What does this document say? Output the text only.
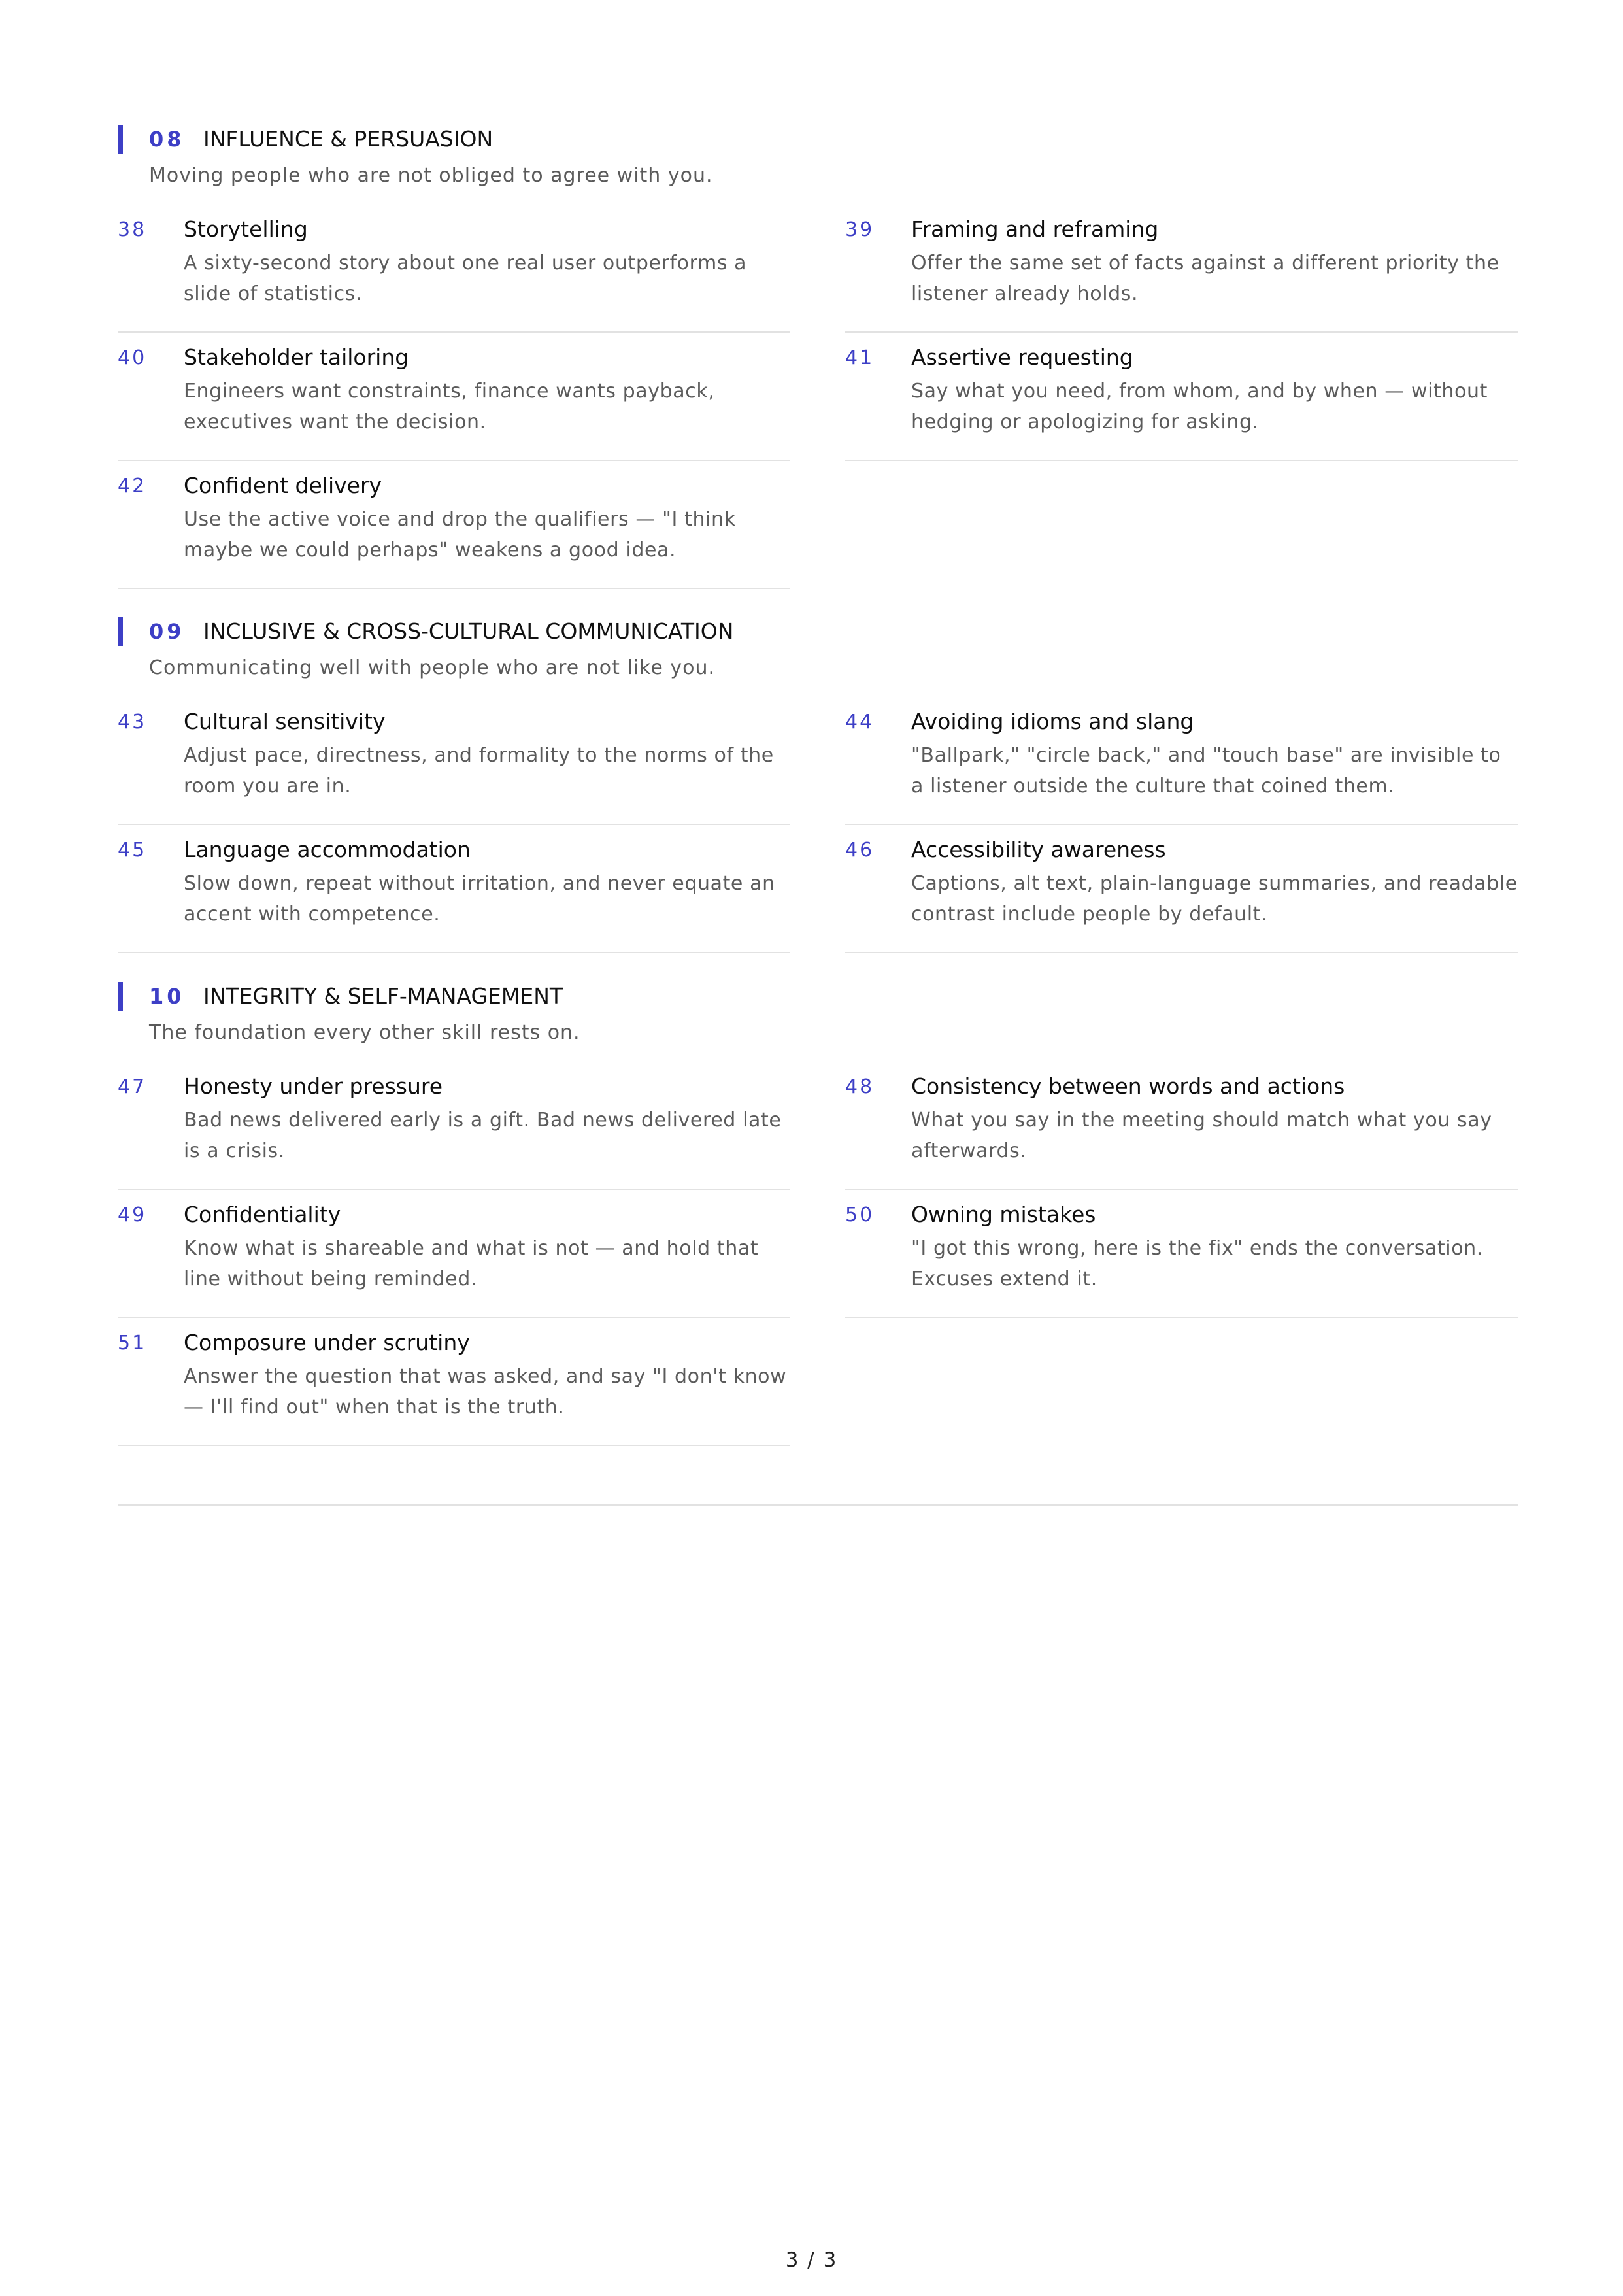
08 INFLUENCE & PERSUASION
Moving people who are not obliged to agree with you.
38 Storytelling
A sixty-second story about one real user outperforms a slide of statistics.
39 Framing and reframing
Offer the same set of facts against a different priority the listener already holds.
40 Stakeholder tailoring
Engineers want constraints, finance wants payback, executives want the decision.
41 Assertive requesting
Say what you need, from whom, and by when — without hedging or apologizing for asking.
42 Confident delivery
Use the active voice and drop the qualifiers — "I think maybe we could perhaps" weakens a good idea.
09 INCLUSIVE & CROSS-CULTURAL COMMUNICATION
Communicating well with people who are not like you.
43 Cultural sensitivity
Adjust pace, directness, and formality to the norms of the room you are in.
44 Avoiding idioms and slang
"Ballpark," "circle back," and "touch base" are invisible to a listener outside the culture that coined them.
45 Language accommodation
Slow down, repeat without irritation, and never equate an accent with competence.
46 Accessibility awareness
Captions, alt text, plain-language summaries, and readable contrast include people by default.
10 INTEGRITY & SELF-MANAGEMENT
The foundation every other skill rests on.
47 Honesty under pressure
Bad news delivered early is a gift. Bad news delivered late is a crisis.
48 Consistency between words and actions
What you say in the meeting should match what you say afterwards.
49 Confidentiality
Know what is shareable and what is not — and hold that line without being reminded.
50 Owning mistakes
"I got this wrong, here is the fix" ends the conversation. Excuses extend it.
51 Composure under scrutiny
Answer the question that was asked, and say "I don't know — I'll find out" when that is the truth.
3 / 3
